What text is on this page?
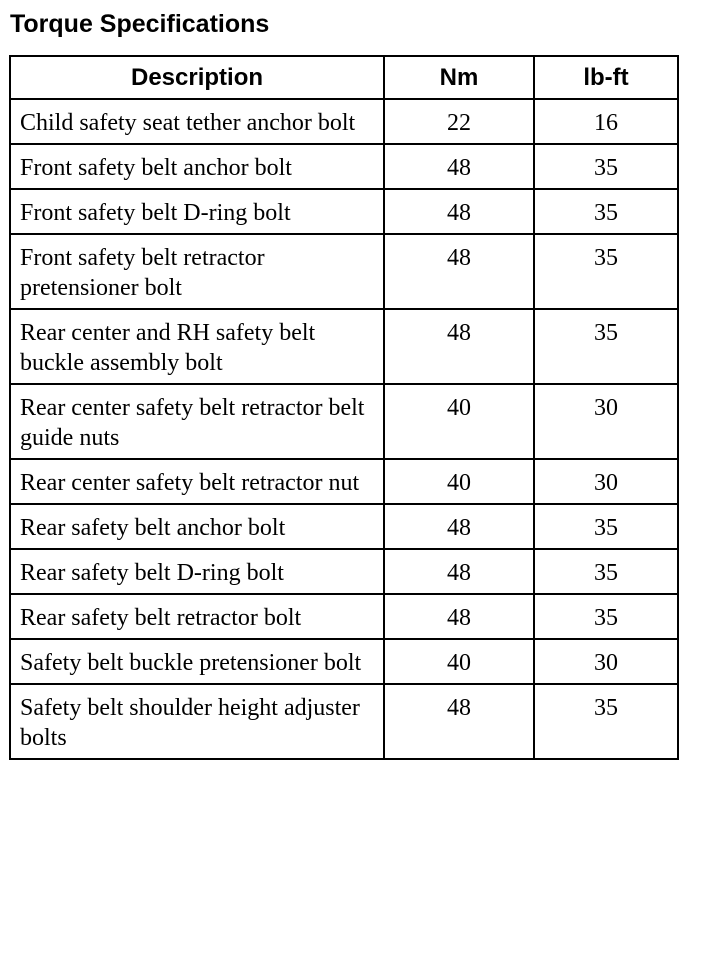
Torque Specifications
Description	Nm	lb-ft
Child safety seat tether anchor bolt	22	16
Front safety belt anchor bolt	48	35
Front safety belt D-ring bolt	48	35
Front safety belt retractor pretensioner bolt	48	35
Rear center and RH safety belt buckle assembly bolt	48	35
Rear center safety belt retractor belt guide nuts	40	30
Rear center safety belt retractor nut	40	30
Rear safety belt anchor bolt	48	35
Rear safety belt D-ring bolt	48	35
Rear safety belt retractor bolt	48	35
Safety belt buckle pretensioner bolt	40	30
Safety belt shoulder height adjuster bolts	48	35
